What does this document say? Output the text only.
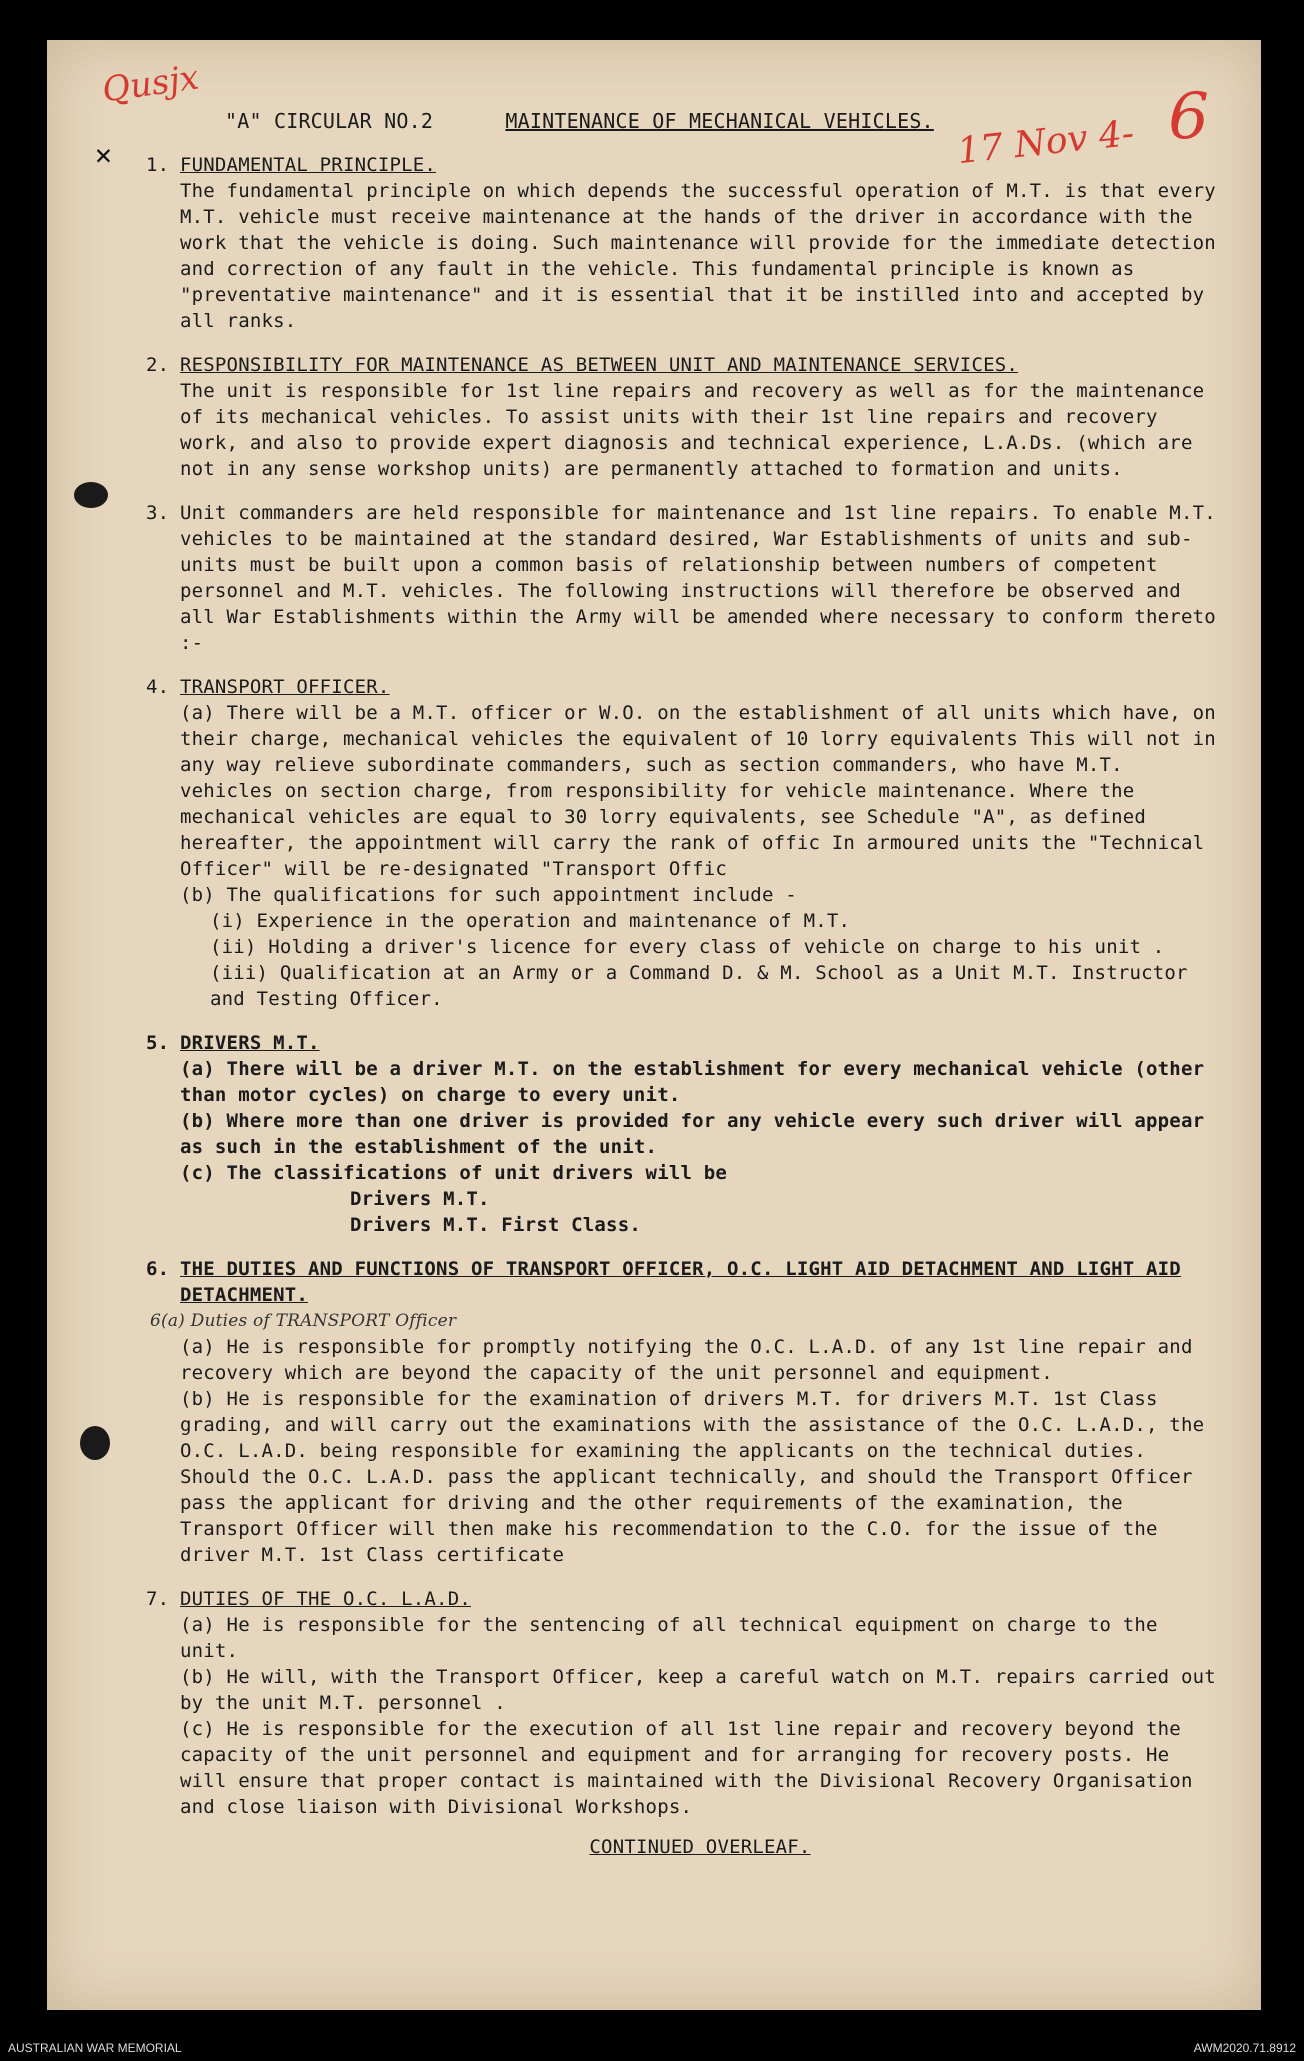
Qusjx	6
17 Nov 4-
✕
"A" CIRCULAR NO.2	MAINTENANCE OF MECHANICAL VEHICLES.
1. FUNDAMENTAL PRINCIPLE.
The fundamental principle on which depends the successful operation of M.T. is that every M.T. vehicle must receive maintenance at the hands of the driver in accordance with the work that the vehicle is doing. Such maintenance will provide for the immediate detection and correction of any fault in the vehicle. This fundamental principle is known as "preventative maintenance" and it is essential that it be instilled into and accepted by all ranks.
2. RESPONSIBILITY FOR MAINTENANCE AS BETWEEN UNIT AND MAINTENANCE SERVICES.
The unit is responsible for 1st line repairs and recovery as well as for the maintenance of its mechanical vehicles. To assist units with their 1st line repairs and recovery work, and also to provide expert diagnosis and technical experience, L.A.Ds. (which are not in any sense workshop units) are permanently attached to formation and units.
3. Unit commanders are held responsible for maintenance and 1st line repairs. To enable M.T. vehicles to be maintained at the standard desired, War Establishments of units and sub-units must be built upon a common basis of relationship between numbers of competent personnel and M.T. vehicles. The following instructions will therefore be observed and all War Establishments within the Army will be amended where necessary to conform thereto :-
4. TRANSPORT OFFICER.
(a) There will be a M.T. officer or W.O. on the establishment of all units which have, on their charge, mechanical vehicles the equivalent of 10 lorry equivalents This will not in any way relieve subordinate commanders, such as section commanders, who have M.T. vehicles on section charge, from responsibility for vehicle maintenance. Where the mechanical vehicles are equal to 30 lorry equivalents, see Schedule "A", as defined hereafter, the appointment will carry the rank of offic In armoured units the "Technical Officer" will be re-designated "Transport Offic
(b) The qualifications for such appointment include -
(i) Experience in the operation and maintenance of M.T.
(ii) Holding a driver's licence for every class of vehicle on charge to his unit .
(iii) Qualification at an Army or a Command D. & M. School as a Unit M.T. Instructor and Testing Officer.
5. DRIVERS M.T.
(a) There will be a driver M.T. on the establishment for every mechanical vehicle (other than motor cycles) on charge to every unit.
(b) Where more than one driver is provided for any vehicle every such driver will appear as such in the establishment of the unit.
(c) The classifications of unit drivers will be
Drivers M.T.
Drivers M.T. First Class.
6. THE DUTIES AND FUNCTIONS OF TRANSPORT OFFICER, O.C. LIGHT AID DETACHMENT AND LIGHT AID DETACHMENT.
6(a) Duties of TRANSPORT Officer
(a) He is responsible for promptly notifying the O.C. L.A.D. of any 1st line repair and recovery which are beyond the capacity of the unit personnel and equipment.
(b) He is responsible for the examination of drivers M.T. for drivers M.T. 1st Class grading, and will carry out the examinations with the assistance of the O.C. L.A.D., the O.C. L.A.D. being responsible for examining the applicants on the technical duties. Should the O.C. L.A.D. pass the applicant technically, and should the Transport Officer pass the applicant for driving and the other requirements of the examination, the Transport Officer will then make his recommendation to the C.O. for the issue of the driver M.T. 1st Class certificate
7. DUTIES OF THE O.C. L.A.D.
(a) He is responsible for the sentencing of all technical equipment on charge to the unit.
(b) He will, with the Transport Officer, keep a careful watch on M.T. repairs carried out by the unit M.T. personnel .
(c) He is responsible for the execution of all 1st line repair and recovery beyond the capacity of the unit personnel and equipment and for arranging for recovery posts. He will ensure that proper contact is maintained with the Divisional Recovery Organisation and close liaison with Divisional Workshops.
CONTINUED OVERLEAF.
AUSTRALIAN WAR MEMORIAL	AWM2020.71.8912
